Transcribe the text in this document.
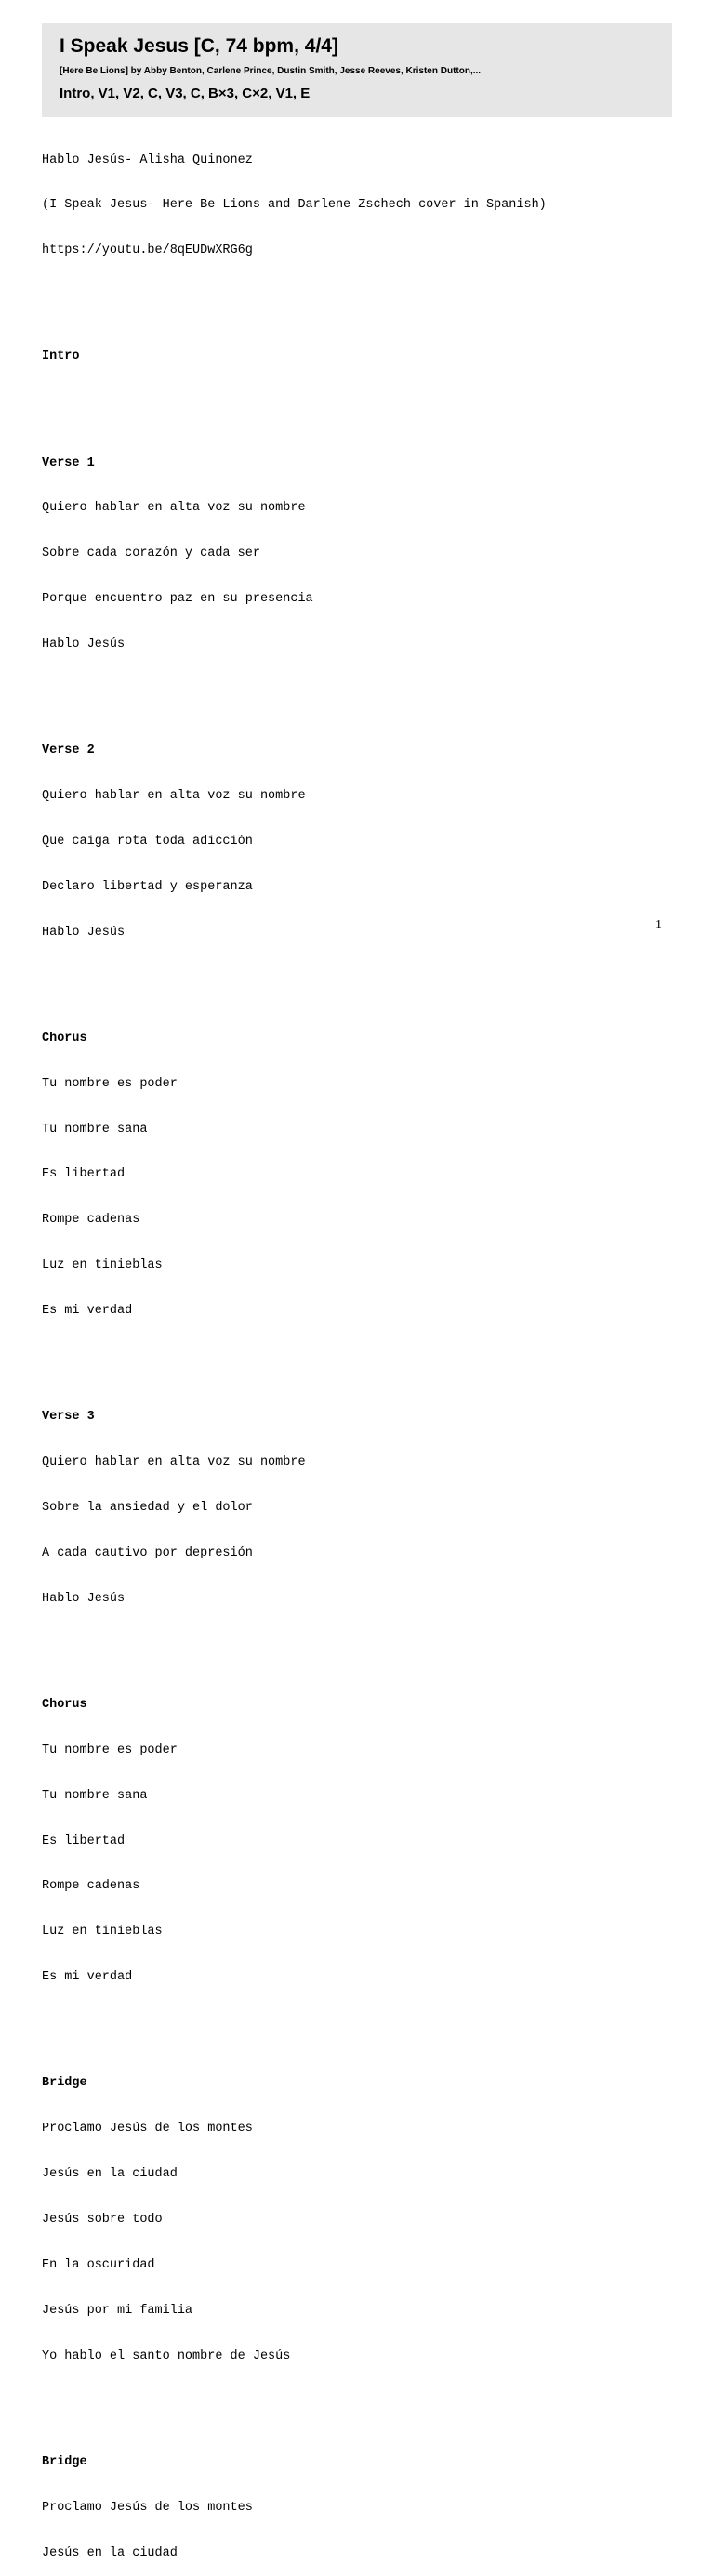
I Speak Jesus [C, 74 bpm, 4/4]
[Here Be Lions] by Abby Benton, Carlene Prince, Dustin Smith, Jesse Reeves, Kristen Dutton,...
Intro, V1, V2, C, V3, C, B×3, C×2, V1, E

Hablo Jesús- Alisha Quinonez

(I Speak Jesus- Here Be Lions and Darlene Zschech cover in Spanish)

https://youtu.be/8qEUDwXRG6g

Intro

Verse 1

Quiero hablar en alta voz su nombre

Sobre cada corazón y cada ser

Porque encuentro paz en su presencia

Hablo Jesús

Verse 2

Quiero hablar en alta voz su nombre

Que caiga rota toda adicción

Declaro libertad y esperanza

Hablo Jesús

Chorus

Tu nombre es poder

Tu nombre sana

Es libertad

Rompe cadenas

Luz en tinieblas

Es mi verdad

Verse 3

Quiero hablar en alta voz su nombre

Sobre la ansiedad y el dolor

A cada cautivo por depresión

Hablo Jesús

Chorus

Tu nombre es poder

Tu nombre sana

Es libertad

Rompe cadenas

Luz en tinieblas

Es mi verdad

Bridge

Proclamo Jesús de los montes

Jesús en la ciudad

Jesús sobre todo

En la oscuridad

Jesús por mi familia

Yo hablo el santo nombre de Jesús

Bridge

Proclamo Jesús de los montes

Jesús en la ciudad

1
